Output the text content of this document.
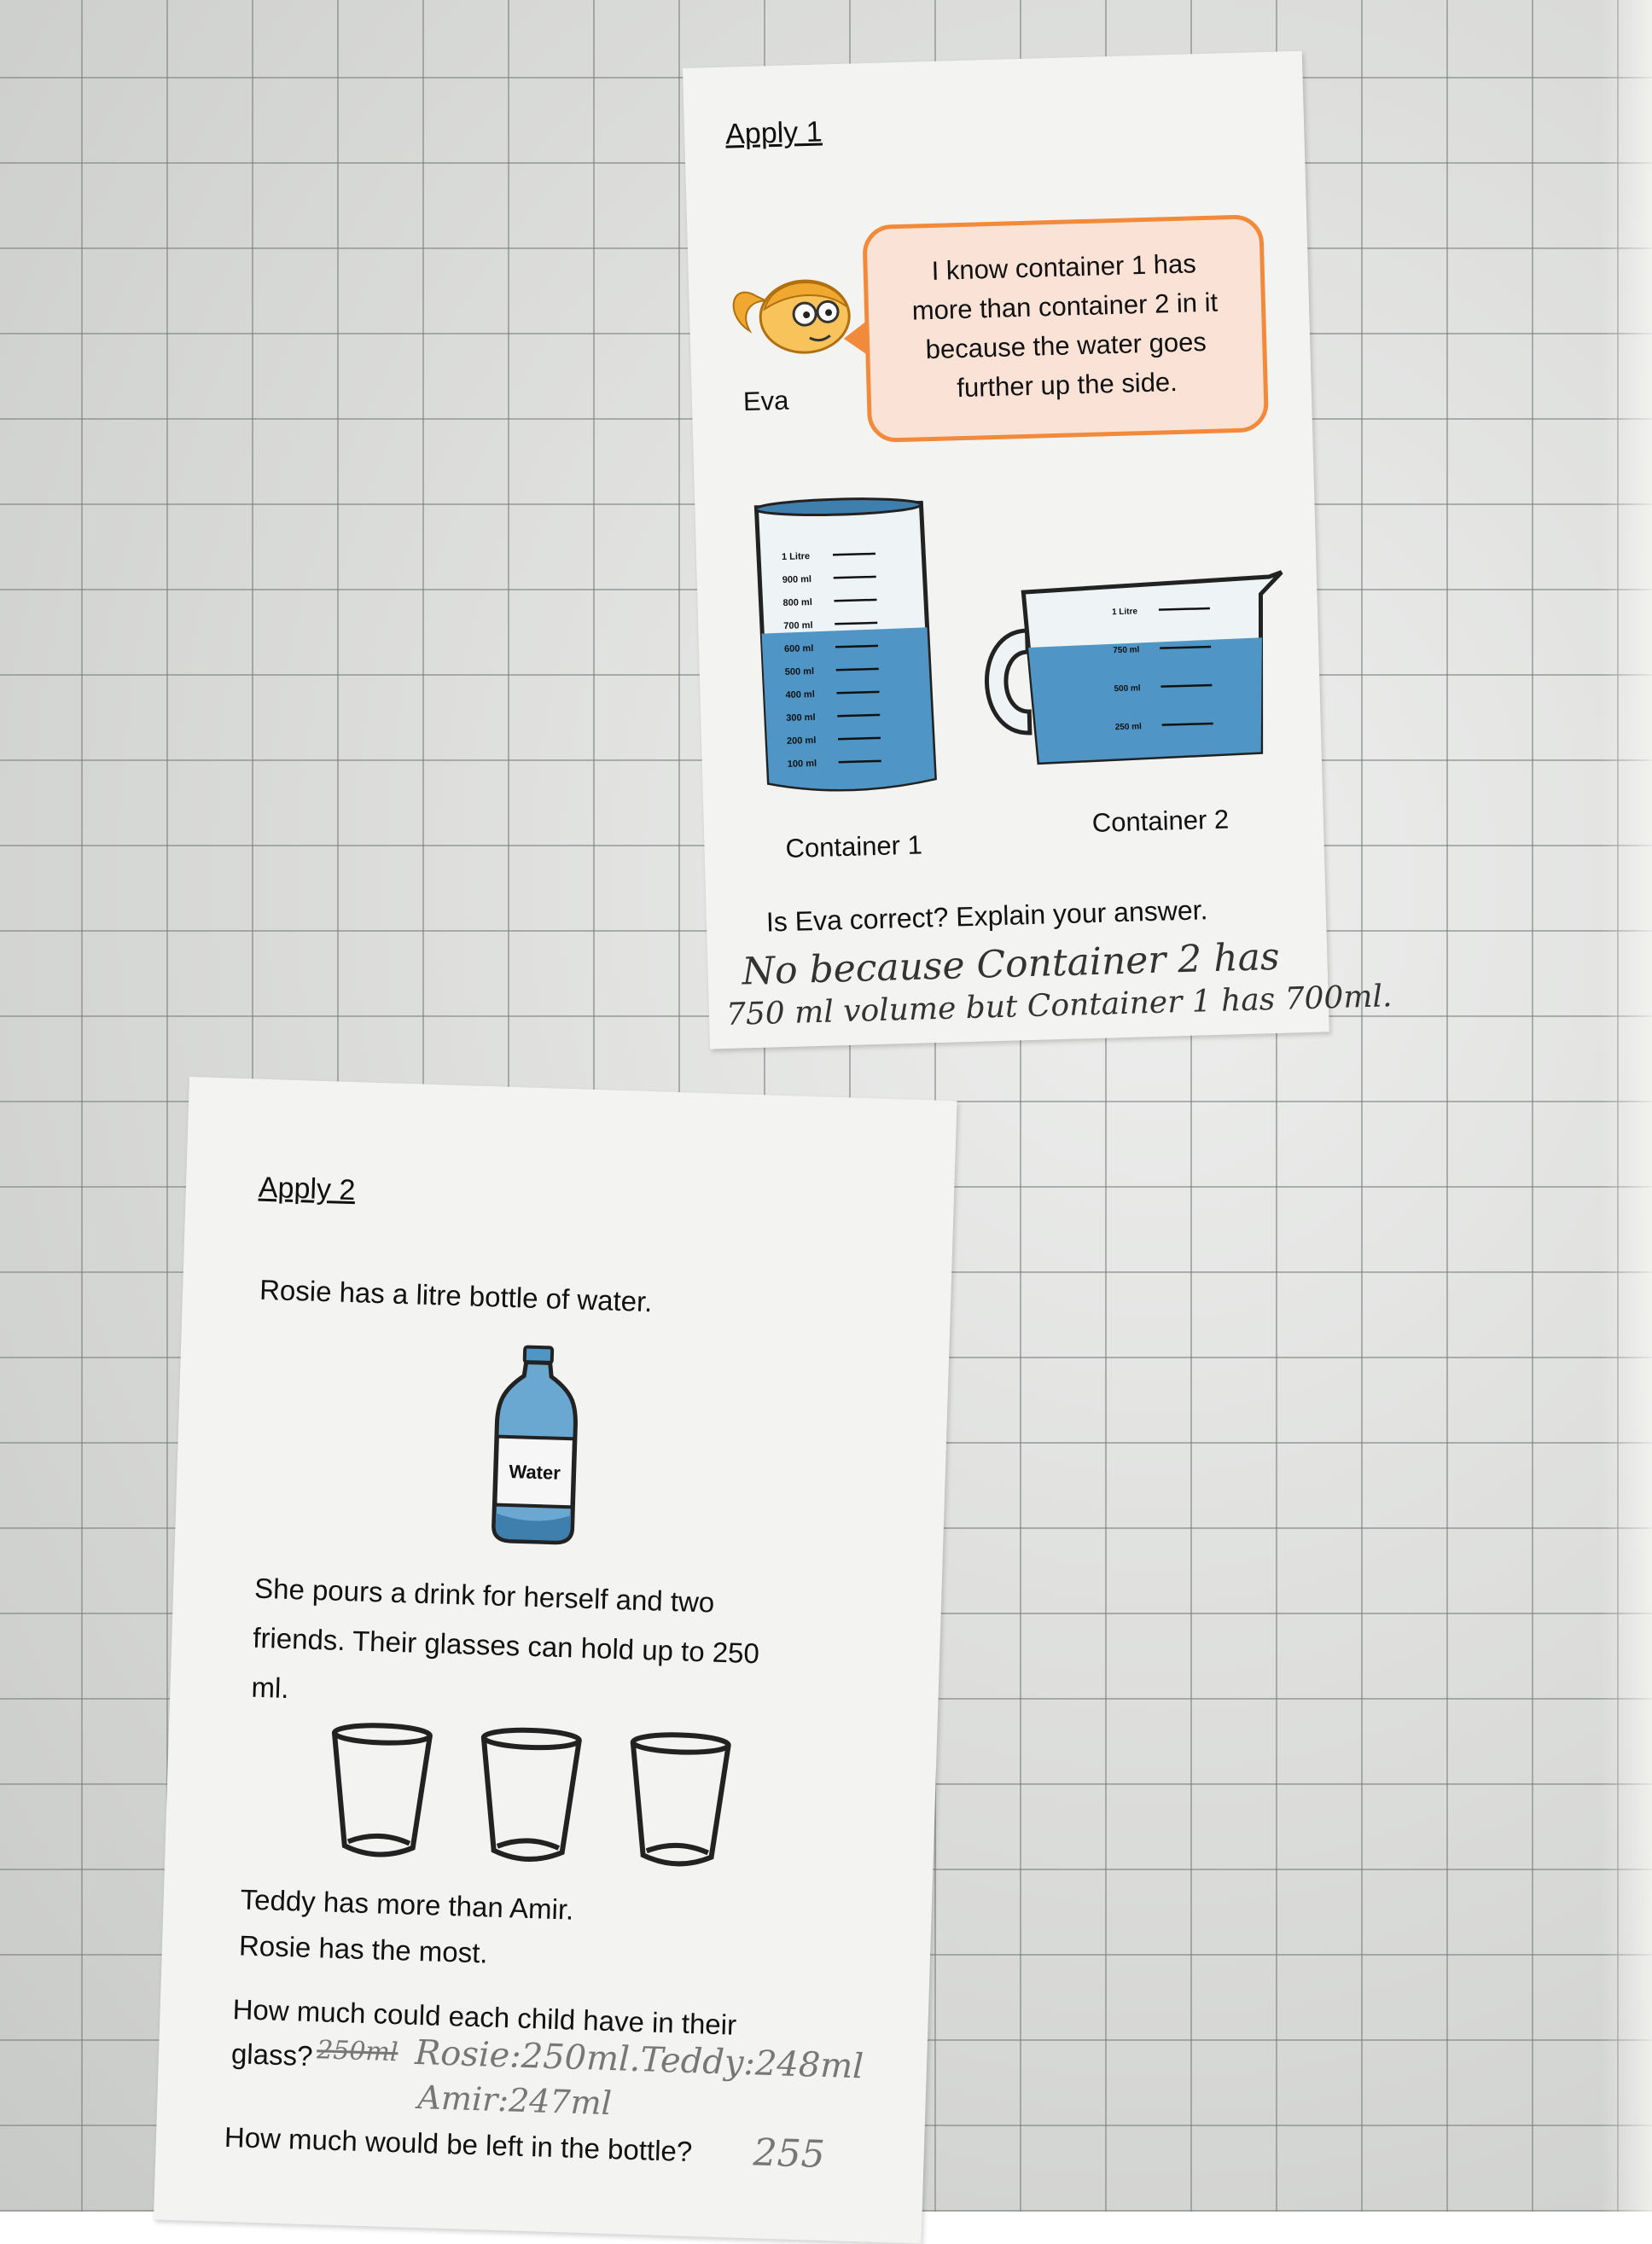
Apply 1
Eva
I know container 1 has
more than container 2 in it
because the water goes
further up the side.
1 Litre
900 ml
800 ml
700 ml
600 ml
500 ml
400 ml
300 ml
200 ml
100 ml
1 Litre
750 ml
500 ml
250 ml
Container 1
Container 2
Is Eva correct? Explain your answer.
No because Container 2 has
750 ml volume but Container 1 has 700ml.
Apply 2
Rosie has a litre bottle of water.
Water
She pours a drink for herself and two
friends. Their glasses can hold up to 250
ml.
Teddy has more than Amir.
Rosie has the most.
How much could each child have in their
glass? 250ml Rosie:250ml.Teddy:248ml
Amir:247ml
How much would be left in the bottle? 255
